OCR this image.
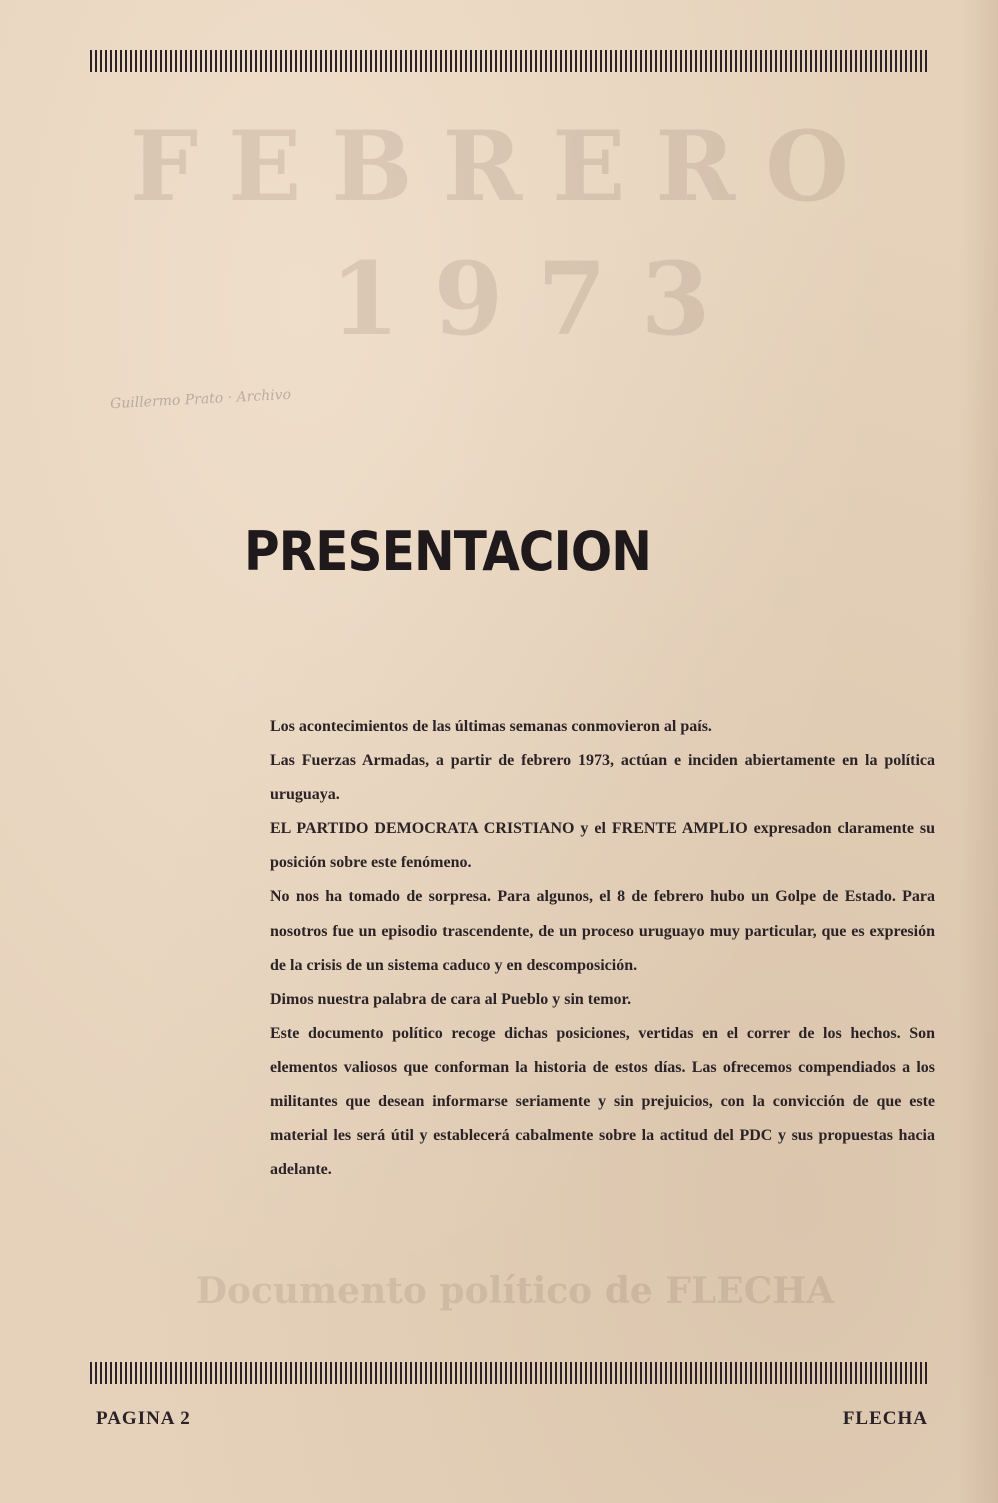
FEBRERO
1973
Documento político de FLECHA
Guillermo Prato · Archivo
PRESENTACION

Los acontecimientos de las últimas semanas conmovieron al país.

Las Fuerzas Armadas, a partir de febrero 1973, actúan e inciden abiertamente en la política uruguaya.

EL PARTIDO DEMOCRATA CRISTIANO y el FRENTE AMPLIO expresadon claramente su posición sobre este fenómeno.

No nos ha tomado de sorpresa. Para algunos, el 8 de febrero hubo un Golpe de Estado. Para nosotros fue un episodio trascendente, de un proceso uruguayo muy particular, que es expresión de la crisis de un sistema caduco y en descomposición.

Dimos nuestra palabra de cara al Pueblo y sin temor.

Este documento político recoge dichas posiciones, vertidas en el correr de los hechos. Son elementos valiosos que conforman la historia de estos días. Las ofrecemos compendiados a los militantes que desean informarse seriamente y sin prejuicios, con la convicción de que este material les será útil y establecerá cabalmente sobre la actitud del PDC y sus propuestas hacia adelante.

PAGINA 2	FLECHA
